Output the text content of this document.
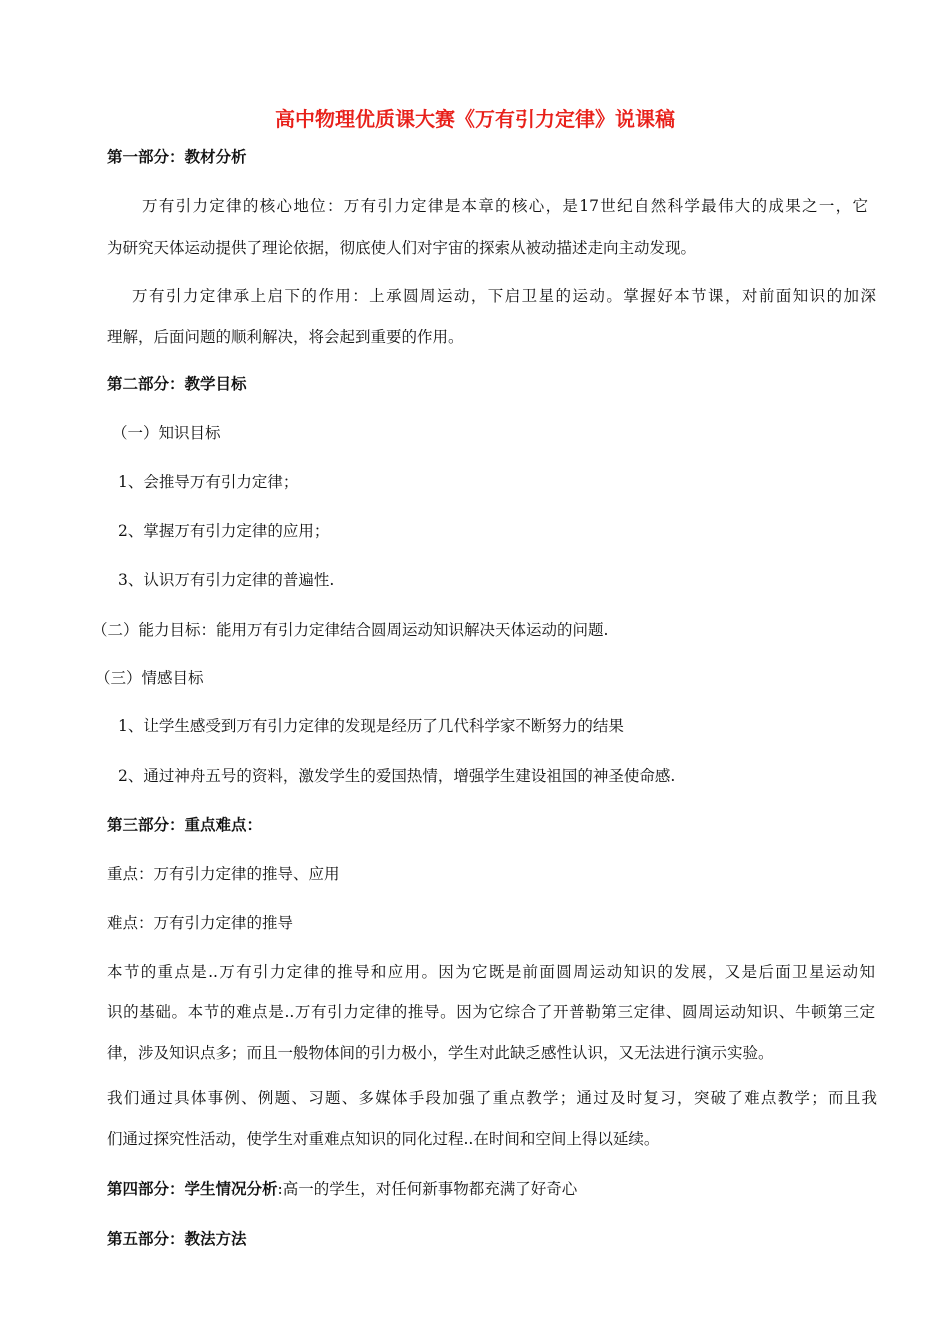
高中物理优质课大赛《万有引力定律》说课稿
第一部分：教材分析
万有引力定律的核心地位：万有引力定律是本章的核心，是17世纪自然科学最伟大的成果之一，它
为研究天体运动提供了理论依据，彻底使人们对宇宙的探索从被动描述走向主动发现。
万有引力定律承上启下的作用：上承圆周运动，下启卫星的运动。掌握好本节课，对前面知识的加深
理解，后面问题的顺利解决，将会起到重要的作用。
第二部分：教学目标
（一）知识目标
1、会推导万有引力定律；
2、掌握万有引力定律的应用；
3、认识万有引力定律的普遍性.
（二）能力目标：能用万有引力定律结合圆周运动知识解决天体运动的问题.
（三）情感目标
1、让学生感受到万有引力定律的发现是经历了几代科学家不断努力的结果
2、通过神舟五号的资料，激发学生的爱国热情，增强学生建设祖国的神圣使命感.
第三部分：重点难点：
重点：万有引力定律的推导、应用
难点：万有引力定律的推导
本节的重点是..万有引力定律的推导和应用。因为它既是前面圆周运动知识的发展，又是后面卫星运动知
识的基础。本节的难点是..万有引力定律的推导。因为它综合了开普勒第三定律、圆周运动知识、牛顿第三定
律，涉及知识点多；而且一般物体间的引力极小，学生对此缺乏感性认识，又无法进行演示实验。
我们通过具体事例、例题、习题、多媒体手段加强了重点教学；通过及时复习，突破了难点教学；而且我
们通过探究性活动，使学生对重难点知识的同化过程..在时间和空间上得以延续。
第四部分：学生情况分析:高一的学生，对任何新事物都充满了好奇心
第五部分：教法方法
